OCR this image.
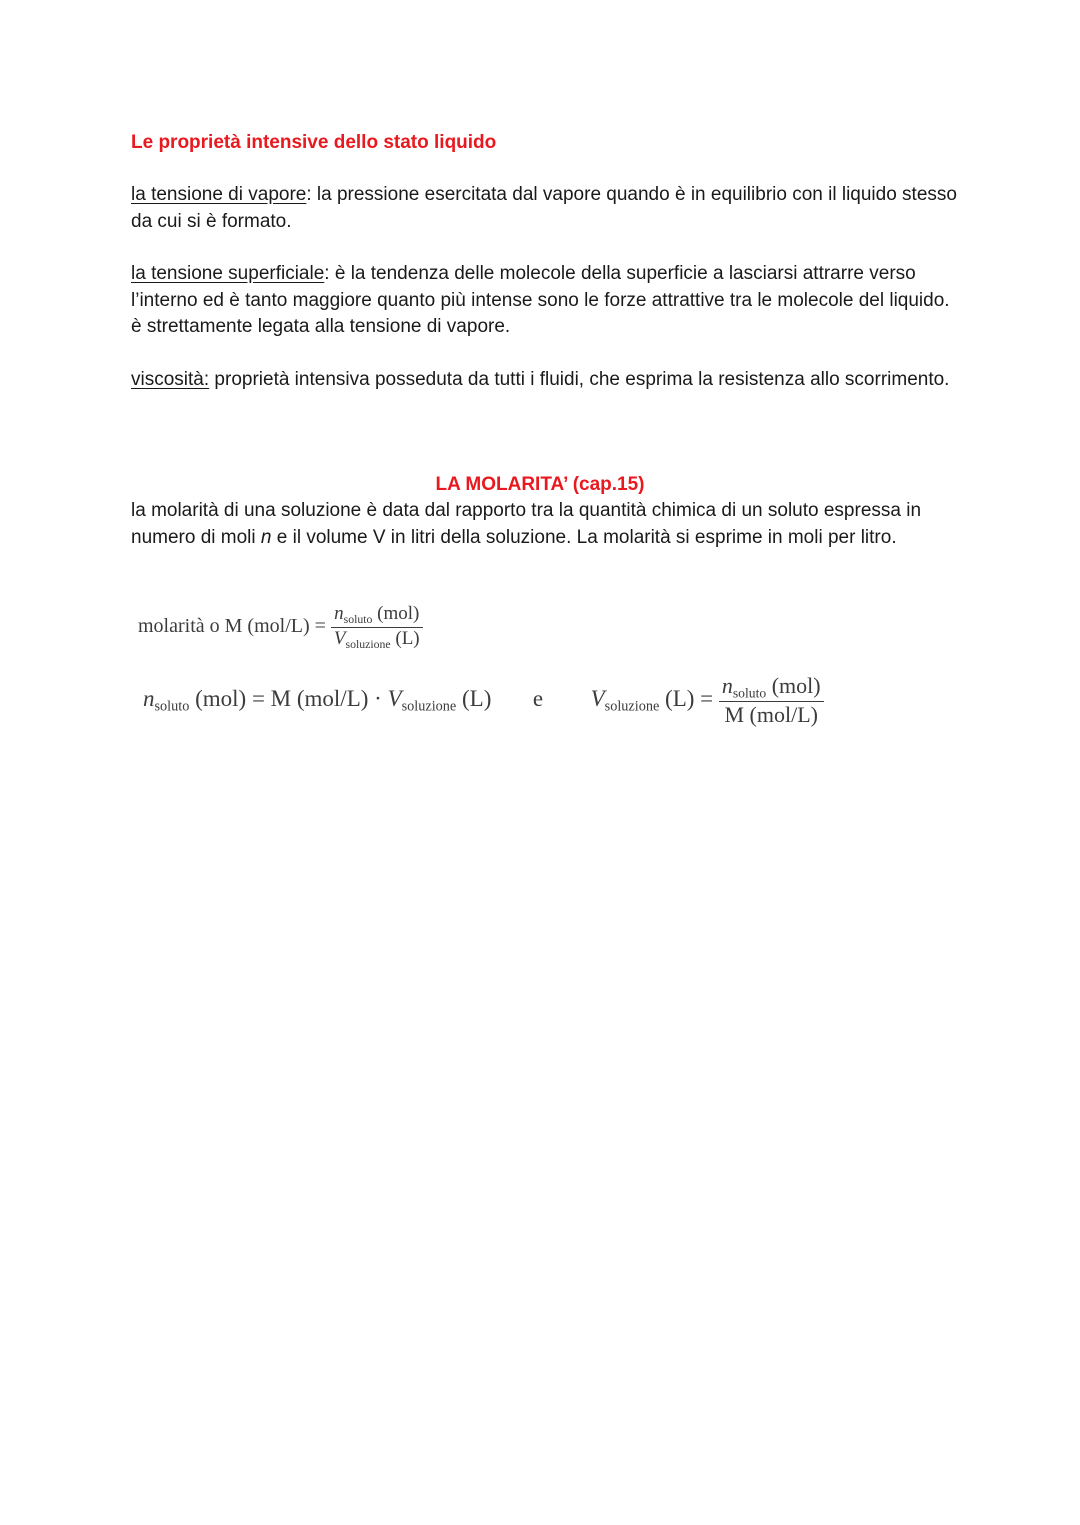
Le proprietà intensive dello stato liquido
la tensione di vapore: la pressione esercitata dal vapore quando è in equilibrio con il liquido stesso da cui si è formato.
la tensione superficiale: è la tendenza delle molecole della superficie a lasciarsi attrarre verso l’interno ed è tanto maggiore quanto più intense sono le forze attrattive tra le molecole del liquido. è strettamente legata alla tensione di vapore.
viscosità: proprietà intensiva posseduta da tutti i fluidi, che esprima la resistenza allo scorrimento.
LA MOLARITA’ (cap.15)
la molarità di una soluzione è data dal rapporto tra la quantità chimica di un soluto espressa in numero di moli n e il volume V in litri della soluzione. La molarità si esprime in moli per litro.
molarità o M $(mol/L) = \frac{n_{soluto} (mol)}{V_{soluzione} (L)}$
$n_{soluto}$ (mol) = M $(mol/L) \cdot V_{soluzione}$ (L) e $V_{soluzione}$ $(L) = \frac{n_{soluto} (mol)}{\text{M (mol/L)}}$
